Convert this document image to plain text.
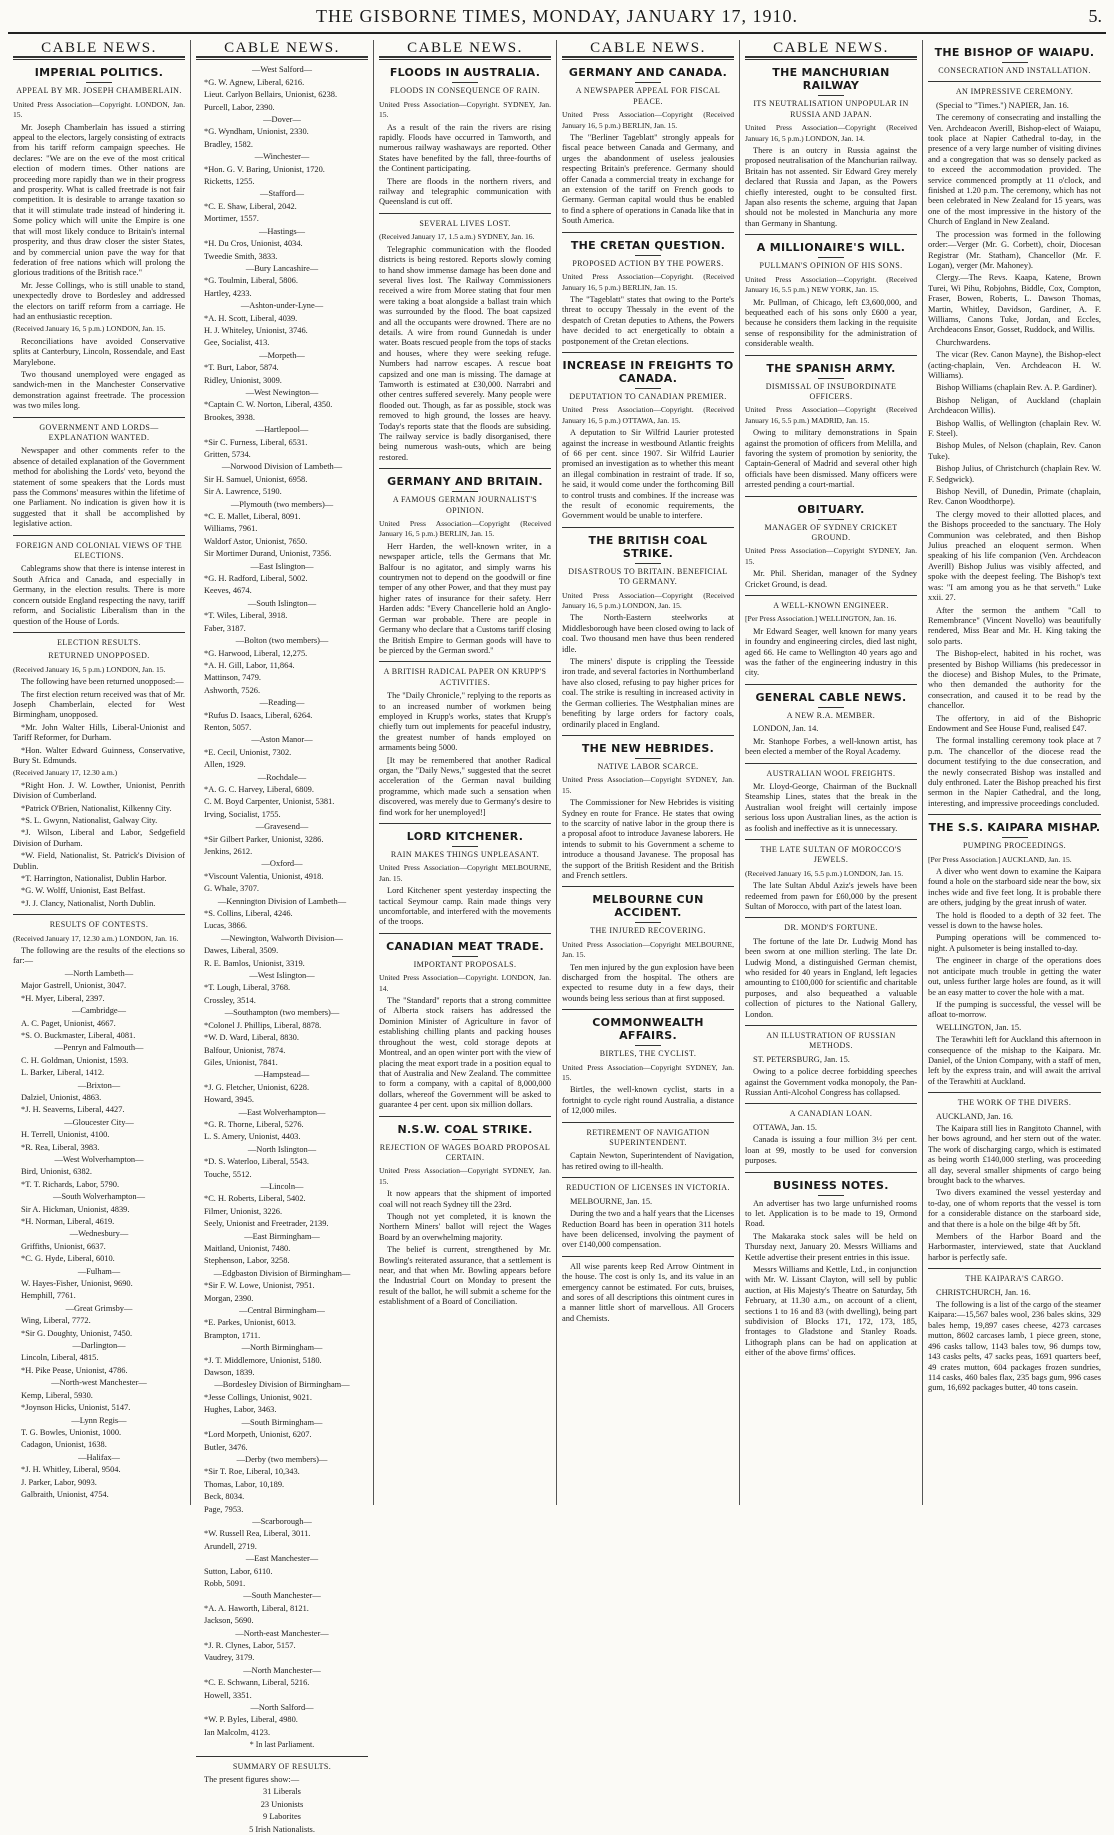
THE GISBORNE TIMES, MONDAY, JANUARY 17, 1910.	5.
CABLE NEWS.
IMPERIAL POLITICS.
APPEAL BY MR. JOSEPH CHAMBERLAIN.

United Press Association—Copyright. LONDON, Jan. 15.

Mr. Joseph Chamberlain has issued a stirring appeal to the electors, largely consisting of extracts from his tariff reform campaign speeches. He declares: "We are on the eve of the most critical election of modern times. Other nations are proceeding more rapidly than we in their progress and prosperity. What is called freetrade is not fair competition. It is desirable to arrange taxation so that it will stimulate trade instead of hindering it. Some policy which will unite the Empire is one that will most likely conduce to Britain's internal prosperity, and thus draw closer the sister States, and by commercial union pave the way for that federation of free nations which will prolong the glorious traditions of the British race."

Mr. Jesse Collings, who is still unable to stand, unexpectedly drove to Bordesley and addressed the electors on tariff reform from a carriage. He had an enthusiastic reception.

(Received January 16, 5 p.m.) LONDON, Jan. 15.

Reconciliations have avoided Conservative splits at Canterbury, Lincoln, Rossendale, and East Marylebone.

Two thousand unemployed were engaged as sandwich-men in the Manchester Conservative demonstration against freetrade. The procession was two miles long.

GOVERNMENT AND LORDS—EXPLANATION WANTED.

Newspaper and other comments refer to the absence of detailed explanation of the Government method for abolishing the Lords' veto, beyond the statement of some speakers that the Lords must pass the Commons' measures within the lifetime of one Parliament. No indication is given how it is suggested that it shall be accomplished by legislative action.

FOREIGN AND COLONIAL VIEWS OF THE ELECTIONS.

Cablegrams show that there is intense interest in South Africa and Canada, and especially in Germany, in the election results. There is more concern outside England respecting the navy, tariff reform, and Socialistic Liberalism than in the question of the House of Lords.

ELECTION RESULTS.
RETURNED UNOPPOSED.

(Received January 16, 5 p.m.) LONDON, Jan. 15.

The following have been returned unopposed:—

The first election return received was that of Mr. Joseph Chamberlain, elected for West Birmingham, unopposed.

*Mr. John Walter Hills, Liberal-Unionist and Tariff Reformer, for Durham.

*Hon. Walter Edward Guinness, Conservative, Bury St. Edmunds.

(Received January 17, 12.30 a.m.)

*Right Hon. J. W. Lowther, Unionist, Penrith Division of Cumberland.

*Patrick O'Brien, Nationalist, Kilkenny City.

*S. L. Gwynn, Nationalist, Galway City.

*J. Wilson, Liberal and Labor, Sedgefield Division of Durham.

*W. Field, Nationalist, St. Patrick's Division of Dublin.

*T. Harrington, Nationalist, Dublin Harbor.

*G. W. Wolff, Unionist, East Belfast.

*J. J. Clancy, Nationalist, North Dublin.

RESULTS OF CONTESTS.

(Received January 17, 12.30 a.m.) LONDON, Jan. 16.

The following are the results of the elections so far:—

—North Lambeth—

Major Gastrell, Unionist, 3047.

*H. Myer, Liberal, 2397.

—Cambridge—

A. C. Paget, Unionist, 4667.

*S. O. Buckmaster, Liberal, 4081.

—Penryn and Falmouth—

C. H. Goldman, Unionist, 1593.

L. Barker, Liberal, 1412.

—Brixton—

Dalziel, Unionist, 4863.

*J. H. Seaverns, Liberal, 4427.

—Gloucester City—

H. Terrell, Unionist, 4100.

*R. Rea, Liberal, 3983.

—West Wolverhampton—

Bird, Unionist, 6382.

*T. T. Richards, Labor, 5790.

—South Wolverhampton—

Sir A. Hickman, Unionist, 4839.

*H. Norman, Liberal, 4619.

—Wednesbury—

Griffiths, Unionist, 6637.

*C. G. Hyde, Liberal, 6010.

—Fulham—

W. Hayes-Fisher, Unionist, 9690.

Hemphill, 7761.

—Great Grimsby—

Wing, Liberal, 7772.

*Sir G. Doughty, Unionist, 7450.

—Darlington—

Lincoln, Liberal, 4815.

*H. Pike Pease, Unionist, 4786.

—North-west Manchester—

Kemp, Liberal, 5930.

*Joynson Hicks, Unionist, 5147.

—Lynn Regis—

T. G. Bowles, Unionist, 1000.

Cadagon, Unionist, 1638.

—Halifax—

*J. H. Whitley, Liberal, 9504.

J. Parker, Labor, 9093.

Galbraith, Unionist, 4754.

CABLE NEWS.

—West Salford—

*G. W. Agnew, Liberal, 6216.

Lieut. Carlyon Bellairs, Unionist, 6238.

Purcell, Labor, 2390.

—Dover—

*G. Wyndham, Unionist, 2330.

Bradley, 1582.

—Winchester—

*Hon. G. V. Baring, Unionist, 1720.

Ricketts, 1255.

—Stafford—

*C. E. Shaw, Liberal, 2042.

Mortimer, 1557.

—Hastings—

*H. Du Cros, Unionist, 4034.

Tweedie Smith, 3833.

—Bury Lancashire—

*G. Toulmin, Liberal, 5806.

Hartley, 4233.

—Ashton-under-Lyne—

*A. H. Scott, Liberal, 4039.

H. J. Whiteley, Unionist, 3746.

Gee, Socialist, 413.

—Morpeth—

*T. Burt, Labor, 5874.

Ridley, Unionist, 3009.

—West Newington—

*Captain C. W. Norton, Liberal, 4350.

Brookes, 3938.

—Hartlepool—

*Sir C. Furness, Liberal, 6531.

Gritten, 5734.

—Norwood Division of Lambeth—

Sir H. Samuel, Unionist, 6958.

Sir A. Lawrence, 5190.

—Plymouth (two members)—

*C. E. Mallet, Liberal, 8091.

Williams, 7961.

Waldorf Astor, Unionist, 7650.

Sir Mortimer Durand, Unionist, 7356.

—East Islington—

*G. H. Radford, Liberal, 5002.

Keeves, 4674.

—South Islington—

*T. Wiles, Liberal, 3918.

Faber, 3187.

—Bolton (two members)—

*G. Harwood, Liberal, 12,275.

*A. H. Gill, Labor, 11,864.

Mattinson, 7479.

Ashworth, 7526.

—Reading—

*Rufus D. Isaacs, Liberal, 6264.

Renton, 5057.

—Aston Manor—

*E. Cecil, Unionist, 7302.

Allen, 1929.

—Rochdale—

*A. G. C. Harvey, Liberal, 6809.

C. M. Boyd Carpenter, Unionist, 5381.

Irving, Socialist, 1755.

—Gravesend—

*Sir Gilbert Parker, Unionist, 3286.

Jenkins, 2612.

—Oxford—

*Viscount Valentia, Unionist, 4918.

G. Whale, 3707.

—Kennington Division of Lambeth—

*S. Collins, Liberal, 4246.

Lucas, 3866.

—Newington, Walworth Division—

Dawes, Liberal, 3509.

R. E. Bamlos, Unionist, 3319.

—West Islington—

*T. Lough, Liberal, 3768.

Crossley, 3514.

—Southampton (two members)—

*Colonel J. Phillips, Liberal, 8878.

*W. D. Ward, Liberal, 8830.

Balfour, Unionist, 7874.

Giles, Unionist, 7841.

—Hampstead—

*J. G. Fletcher, Unionist, 6228.

Howard, 3945.

—East Wolverhampton—

*G. R. Thorne, Liberal, 5276.

L. S. Amery, Unionist, 4403.

—North Islington—

*D. S. Waterloo, Liberal, 5543.

Touche, 5512.

—Lincoln—

*C. H. Roberts, Liberal, 5402.

Filmer, Unionist, 3226.

Seely, Unionist and Freetrader, 2139.

—East Birmingham—

Maitland, Unionist, 7480.

Stephenson, Labor, 3258.

—Edgbaston Division of Birmingham—

*Sir F. W. Lowe, Unionist, 7951.

Morgan, 2390.

—Central Birmingham—

*E. Parkes, Unionist, 6013.

Brampton, 1711.

—North Birmingham—

*J. T. Middlemore, Unionist, 5180.

Dawson, 1839.

—Bordesley Division of Birmingham—

*Jesse Collings, Unionist, 9021.

Hughes, Labor, 3463.

—South Birmingham—

*Lord Morpeth, Unionist, 6207.

Butler, 3476.

—Derby (two members)—

*Sir T. Roe, Liberal, 10,343.

Thomas, Labor, 10,189.

Beck, 8034.

Page, 7953.

—Scarborough—

*W. Russell Rea, Liberal, 3011.

Arundell, 2719.

—East Manchester—

Sutton, Labor, 6110.

Robb, 5091.

—South Manchester—

*A. A. Haworth, Liberal, 8121.

Jackson, 5690.

—North-east Manchester—

*J. R. Clynes, Labor, 5157.

Vaudrey, 3179.

—North Manchester—

*C. E. Schwann, Liberal, 5216.

Howell, 3351.

—North Salford—

*W. P. Byles, Liberal, 4980.

Ian Malcolm, 4123.

* In last Parliament.

SUMMARY OF RESULTS.

The present figures show:—

31 Liberals

23 Unionists

9 Laborites

5 Irish Nationalists.

CABLE NEWS.
FLOODS IN AUSTRALIA.
FLOODS IN CONSEQUENCE OF RAIN.

United Press Association—Copyright. SYDNEY, Jan. 15.

As a result of the rain the rivers are rising rapidly. Floods have occurred in Tamworth, and numerous railway washaways are reported. Other States have benefited by the fall, three-fourths of the Continent participating.

There are floods in the northern rivers, and railway and telegraphic communication with Queensland is cut off.

SEVERAL LIVES LOST.

(Received January 17, 1.5 a.m.) SYDNEY, Jan. 16.

Telegraphic communication with the flooded districts is being restored. Reports slowly coming to hand show immense damage has been done and several lives lost. The Railway Commissioners received a wire from Moree stating that four men were taking a boat alongside a ballast train which was surrounded by the flood. The boat capsized and all the occupants were drowned. There are no details. A wire from round Gunnedah is under water. Boats rescued people from the tops of stacks and houses, where they were seeking refuge. Numbers had narrow escapes. A rescue boat capsized and one man is missing. The damage at Tamworth is estimated at £30,000. Narrabri and other centres suffered severely. Many people were flooded out. Though, as far as possible, stock was removed to high ground, the losses are heavy. Today's reports state that the floods are subsiding. The railway service is badly disorganised, there being numerous wash-outs, which are being restored.

GERMANY AND BRITAIN.
A FAMOUS GERMAN JOURNALIST'S OPINION.

United Press Association—Copyright (Received January 16, 5 p.m.) BERLIN, Jan. 15.

Herr Harden, the well-known writer, in a newspaper article, tells the Germans that Mr. Balfour is no agitator, and simply warns his countrymen not to depend on the goodwill or fine temper of any other Power, and that they must pay higher rates of insurance for their safety. Herr Harden adds: "Every Chancellerie hold an Anglo-German war probable. There are people in Germany who declare that a Customs tariff closing the British Empire to German goods will have to be pierced by the German sword."

A BRITISH RADICAL PAPER ON KRUPP'S ACTIVITIES.

The "Daily Chronicle," replying to the reports as to an increased number of workmen being employed in Krupp's works, states that Krupp's chiefly turn out implements for peaceful industry, the greatest number of hands employed on armaments being 5000.

[It may be remembered that another Radical organ, the "Daily News," suggested that the secret acceleration of the German naval building programme, which made such a sensation when discovered, was merely due to Germany's desire to find work for her unemployed!]

LORD KITCHENER.
RAIN MAKES THINGS UNPLEASANT.

United Press Association—Copyright MELBOURNE, Jan. 15.

Lord Kitchener spent yesterday inspecting the tactical Seymour camp. Rain made things very uncomfortable, and interfered with the movements of the troops.

CANADIAN MEAT TRADE.
IMPORTANT PROPOSALS.

United Press Association—Copyright. LONDON, Jan. 14.

The "Standard" reports that a strong committee of Alberta stock raisers has addressed the Dominion Minister of Agriculture in favor of establishing chilling plants and packing houses throughout the west, cold storage depots at Montreal, and an open winter port with the view of placing the meat export trade in a position equal to that of Australia and New Zealand. The committee to form a company, with a capital of 8,000,000 dollars, whereof the Government will be asked to guarantee 4 per cent. upon six million dollars.

N.S.W. COAL STRIKE.
REJECTION OF WAGES BOARD PROPOSAL CERTAIN.

United Press Association—Copyright SYDNEY, Jan. 15.

It now appears that the shipment of imported coal will not reach Sydney till the 23rd.

Though not yet completed, it is known the Northern Miners' ballot will reject the Wages Board by an overwhelming majority.

The belief is current, strengthened by Mr. Bowling's reiterated assurance, that a settlement is near, and that when Mr. Bowling appears before the Industrial Court on Monday to present the result of the ballot, he will submit a scheme for the establishment of a Board of Conciliation.

CABLE NEWS.
GERMANY AND CANADA.
A NEWSPAPER APPEAL FOR FISCAL PEACE.

United Press Association—Copyright (Received January 16, 5 p.m.) BERLIN, Jan. 15.

The "Berliner Tageblatt" strongly appeals for fiscal peace between Canada and Germany, and urges the abandonment of useless jealousies respecting Britain's preference. Germany should offer Canada a commercial treaty in exchange for an extension of the tariff on French goods to Germany. German capital would thus be enabled to find a sphere of operations in Canada like that in South America.

THE CRETAN QUESTION.
PROPOSED ACTION BY THE POWERS.

United Press Association—Copyright. (Received January 16, 5 p.m.) BERLIN, Jan. 15.

The "Tageblatt" states that owing to the Porte's threat to occupy Thessaly in the event of the despatch of Cretan deputies to Athens, the Powers have decided to act energetically to obtain a postponement of the Cretan elections.

INCREASE IN FREIGHTS TO CANADA.
DEPUTATION TO CANADIAN PREMIER.

United Press Association—Copyright. (Received January 16, 5 p.m.) OTTAWA, Jan. 15.

A deputation to Sir Wilfrid Laurier protested against the increase in westbound Atlantic freights of 66 per cent. since 1907. Sir Wilfrid Laurier promised an investigation as to whether this meant an illegal combination in restraint of trade. If so, he said, it would come under the forthcoming Bill to control trusts and combines. If the increase was the result of economic requirements, the Government would be unable to interfere.

THE BRITISH COAL STRIKE.
DISASTROUS TO BRITAIN. BENEFICIAL TO GERMANY.

United Press Association—Copyright (Received January 16, 5 p.m.) LONDON, Jan. 15.

The North-Eastern steelworks at Middlesborough have been closed owing to lack of coal. Two thousand men have thus been rendered idle.

The miners' dispute is crippling the Teesside iron trade, and several factories in Northumberland have also closed, refusing to pay higher prices for coal. The strike is resulting in increased activity in the German collieries. The Westphalian mines are benefiting by large orders for factory coals, ordinarily placed in England.

THE NEW HEBRIDES.
NATIVE LABOR SCARCE.

United Press Association—Copyright SYDNEY, Jan. 15.

The Commissioner for New Hebrides is visiting Sydney en route for France. He states that owing to the scarcity of native labor in the group there is a proposal afoot to introduce Javanese laborers. He intends to submit to his Government a scheme to introduce a thousand Javanese. The proposal has the support of the British Resident and the British and French settlers.

MELBOURNE CUN ACCIDENT.
THE INJURED RECOVERING.

United Press Association—Copyright MELBOURNE, Jan. 15.

Ten men injured by the gun explosion have been discharged from the hospital. The others are expected to resume duty in a few days, their wounds being less serious than at first supposed.

COMMONWEALTH AFFAIRS.
BIRTLES, THE CYCLIST.

United Press Association—Copyright SYDNEY, Jan. 15.

Birtles, the well-known cyclist, starts in a fortnight to cycle right round Australia, a distance of 12,000 miles.

RETIREMENT OF NAVIGATION SUPERINTENDENT.

Captain Newton, Superintendent of Navigation, has retired owing to ill-health.

REDUCTION OF LICENSES IN VICTORIA.

MELBOURNE, Jan. 15.

During the two and a half years that the Licenses Reduction Board has been in operation 311 hotels have been delicensed, involving the payment of over £140,000 compensation.

All wise parents keep Red Arrow Ointment in the house. The cost is only 1s, and its value in an emergency cannot be estimated. For cuts, bruises, and sores of all descriptions this ointment cures in a manner little short of marvellous. All Grocers and Chemists.

CABLE NEWS.
THE MANCHURIAN RAILWAY
ITS NEUTRALISATION UNPOPULAR IN RUSSIA AND JAPAN.

United Press Association—Copyright (Received January 16, 5 p.m.) LONDON, Jan. 14.

There is an outcry in Russia against the proposed neutralisation of the Manchurian railway. Britain has not assented. Sir Edward Grey merely declared that Russia and Japan, as the Powers chiefly interested, ought to be consulted first. Japan also resents the scheme, arguing that Japan should not be molested in Manchuria any more than Germany in Shantung.

A MILLIONAIRE'S WILL.
PULLMAN'S OPINION OF HIS SONS.

United Press Association—Copyright. (Received January 16, 5.5 p.m.) NEW YORK, Jan. 15.

Mr. Pullman, of Chicago, left £3,600,000, and bequeathed each of his sons only £600 a year, because he considers them lacking in the requisite sense of responsibility for the administration of considerable wealth.

THE SPANISH ARMY.
DISMISSAL OF INSUBORDINATE OFFICERS.

United Press Association—Copyright (Received January 16, 5.5 p.m.) MADRID, Jan. 15.

Owing to military demonstrations in Spain against the promotion of officers from Melilla, and favoring the system of promotion by seniority, the Captain-General of Madrid and several other high officials have been dismissed. Many officers were arrested pending a court-martial.

OBITUARY.
MANAGER OF SYDNEY CRICKET GROUND.

United Press Association—Copyright SYDNEY, Jan. 15.

Mr. Phil. Sheridan, manager of the Sydney Cricket Ground, is dead.

A WELL-KNOWN ENGINEER.

[Per Press Association.] WELLINGTON, Jan. 16.

Mr Edward Seager, well known for many years in foundry and engineering circles, died last night, aged 66. He came to Wellington 40 years ago and was the father of the engineering industry in this city.

GENERAL CABLE NEWS.
A NEW R.A. MEMBER.

LONDON, Jan. 14.

Mr. Stanhope Forbes, a well-known artist, has been elected a member of the Royal Academy.

AUSTRALIAN WOOL FREIGHTS.

Mr. Lloyd-George, Chairman of the Bucknall Steamship Lines, states that the break in the Australian wool freight will certainly impose serious loss upon Australian lines, as the action is as foolish and ineffective as it is unnecessary.

THE LATE SULTAN OF MOROCCO'S JEWELS.

(Received January 16, 5.5 p.m.) LONDON, Jan. 15.

The late Sultan Abdul Aziz's jewels have been redeemed from pawn for £60,000 by the present Sultan of Morocco, with part of the latest loan.

DR. MOND'S FORTUNE.

The fortune of the late Dr. Ludwig Mond has been sworn at one million sterling. The late Dr. Ludwig Mond, a distinguished German chemist, who resided for 40 years in England, left legacies amounting to £100,000 for scientific and charitable purposes, and also bequeathed a valuable collection of pictures to the National Gallery, London.

AN ILLUSTRATION OF RUSSIAN METHODS.

ST. PETERSBURG, Jan. 15.

Owing to a police decree forbidding speeches against the Government vodka monopoly, the Pan-Russian Anti-Alcohol Congress has collapsed.

A CANADIAN LOAN.

OTTAWA, Jan. 15.

Canada is issuing a four million 3½ per cent. loan at 99, mostly to be used for conversion purposes.

BUSINESS NOTES.

An advertiser has two large unfurnished rooms to let. Application is to be made to 19, Ormond Road.

The Makaraka stock sales will be held on Thursday next, January 20. Messrs Williams and Kettle advertise their present entries in this issue.

Messrs Williams and Kettle, Ltd., in conjunction with Mr. W. Lissant Clayton, will sell by public auction, at His Majesty's Theatre on Saturday, 5th February, at 11.30 a.m., on account of a client, sections 1 to 16 and 83 (with dwelling), being part subdivision of Blocks 171, 172, 173, 185, frontages to Gladstone and Stanley Roads. Lithograph plans can be had on application at either of the above firms' offices.

THE BISHOP OF WAIAPU.
CONSECRATION AND INSTALLATION.
AN IMPRESSIVE CEREMONY.

(Special to "Times.") NAPIER, Jan. 16.

The ceremony of consecrating and installing the Ven. Archdeacon Averill, Bishop-elect of Waiapu, took place at Napier Cathedral to-day, in the presence of a very large number of visiting divines and a congregation that was so densely packed as to exceed the accommodation provided. The service commenced promptly at 11 o'clock, and finished at 1.20 p.m. The ceremony, which has not been celebrated in New Zealand for 15 years, was one of the most impressive in the history of the Church of England in New Zealand.

The procession was formed in the following order:—Verger (Mr. G. Corbett), choir, Diocesan Registrar (Mr. Statham), Chancellor (Mr. F. Logan), verger (Mr. Mahoney).

Clergy.—The Revs. Kaapa, Katene, Brown Turei, Wi Pihu, Robjohns, Biddle, Cox, Compton, Fraser, Bowen, Roberts, L. Dawson Thomas, Martin, Whitley, Davidson, Gardiner, A. F. Williams, Canons Tuke, Jordan, and Eccles, Archdeacons Ensor, Gosset, Ruddock, and Willis.

Churchwardens.

The vicar (Rev. Canon Mayne), the Bishop-elect (acting-chaplain, Ven. Archdeacon H. W. Williams).

Bishop Williams (chaplain Rev. A. P. Gardiner).

Bishop Neligan, of Auckland (chaplain Archdeacon Willis).

Bishop Wallis, of Wellington (chaplain Rev. W. F. Steel).

Bishop Mules, of Nelson (chaplain, Rev. Canon Tuke).

Bishop Julius, of Christchurch (chaplain Rev. W. F. Sedgwick).

Bishop Nevill, of Dunedin, Primate (chaplain, Rev. Canon Woodthorpe).

The clergy moved to their allotted places, and the Bishops proceeded to the sanctuary. The Holy Communion was celebrated, and then Bishop Julius preached an eloquent sermon. When speaking of his life companion (Ven. Archdeacon Averill) Bishop Julius was visibly affected, and spoke with the deepest feeling. The Bishop's text was: "I am among you as he that serveth." Luke xxii. 27.

After the sermon the anthem "Call to Remembrance" (Vincent Novello) was beautifully rendered, Miss Bear and Mr. H. King taking the solo parts.

The Bishop-elect, habited in his rochet, was presented by Bishop Williams (his predecessor in the diocese) and Bishop Mules, to the Primate, who then demanded the authority for the consecration, and caused it to be read by the chancellor.

The offertory, in aid of the Bishopric Endowment and See House Fund, realised £47.

The formal installing ceremony took place at 7 p.m. The chancellor of the diocese read the document testifying to the due consecration, and the newly consecrated Bishop was installed and duly enthroned. Later the Bishop preached his first sermon in the Napier Cathedral, and the long, interesting, and impressive proceedings concluded.

THE S.S. KAIPARA MISHAP.
PUMPING PROCEEDINGS.

[Per Press Association.] AUCKLAND, Jan. 15.

A diver who went down to examine the Kaipara found a hole on the starboard side near the bow, six inches wide and five feet long. It is probable there are others, judging by the great inrush of water.

The hold is flooded to a depth of 32 feet. The vessel is down to the hawse holes.

Pumping operations will be commenced to-night. A pulsometer is being installed to-day.

The engineer in charge of the operations does not anticipate much trouble in getting the water out, unless further large holes are found, as it will be an easy matter to cover the hole with a mat.

If the pumping is successful, the vessel will be afloat to-morrow.

WELLINGTON, Jan. 15.

The Terawhiti left for Auckland this afternoon in consequence of the mishap to the Kaipara. Mr. Daniel, of the Union Company, with a staff of men, left by the express train, and will await the arrival of the Terawhiti at Auckland.

THE WORK OF THE DIVERS.

AUCKLAND, Jan. 16.

The Kaipara still lies in Rangitoto Channel, with her bows aground, and her stern out of the water. The work of discharging cargo, which is estimated as being worth £140,000 sterling, was proceeding all day, several smaller shipments of cargo being brought back to the wharves.

Two divers examined the vessel yesterday and to-day, one of whom reports that the vessel is torn for a considerable distance on the starboard side, and that there is a hole on the bilge 4ft by 5ft.

Members of the Harbor Board and the Harbormaster, interviewed, state that Auckland harbor is perfectly safe.

THE KAIPARA'S CARGO.

CHRISTCHURCH, Jan. 16.

The following is a list of the cargo of the steamer Kaipara:—15,567 bales wool, 236 bales skins, 329 bales hemp, 19,897 cases cheese, 4273 carcases mutton, 8602 carcases lamb, 1 piece green, stone, 496 casks tallow, 1143 bales tow, 96 dumps tow, 143 casks pelts, 47 sacks peas, 1691 quarters beef, 49 crates mutton, 604 packages frozen sundries, 114 casks, 460 bales flax, 235 bags gum, 996 cases gum, 16,692 packages butter, 40 tons casein.
